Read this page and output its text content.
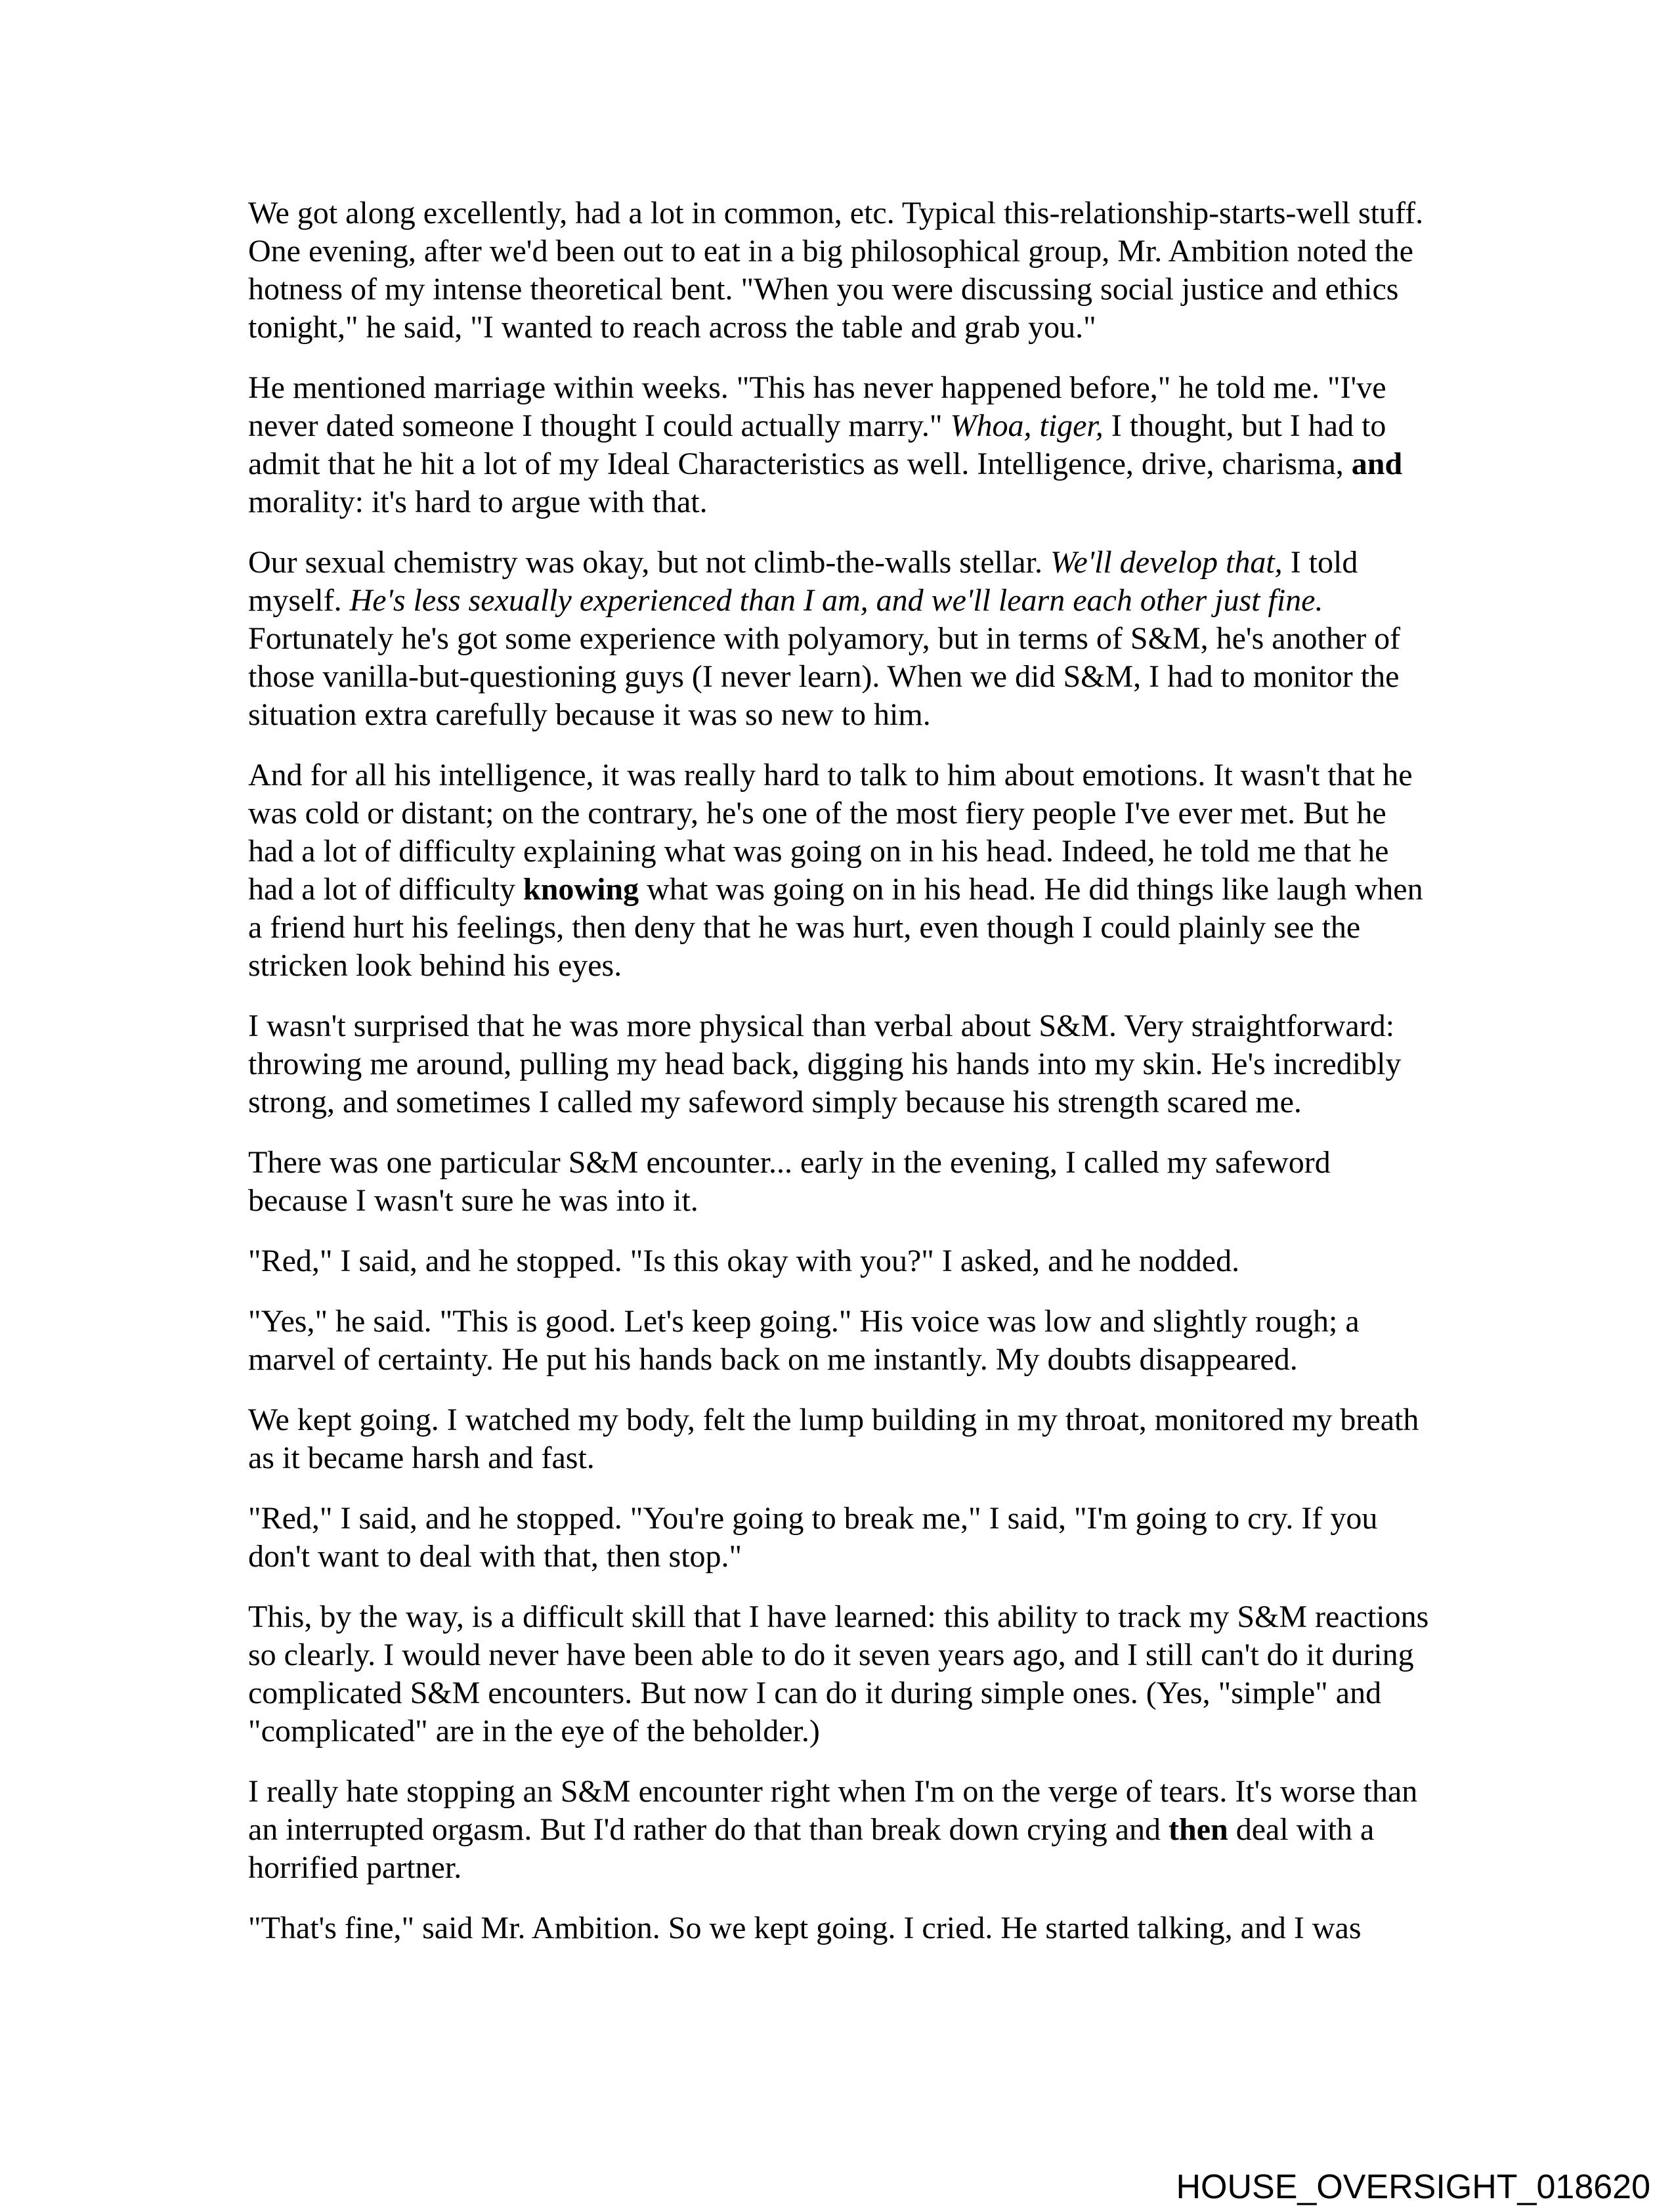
We got along excellently, had a lot in common, etc. Typical this-relationship-starts-well stuff. One evening, after we'd been out to eat in a big philosophical group, Mr. Ambition noted the hotness of my intense theoretical bent. "When you were discussing social justice and ethics tonight," he said, "I wanted to reach across the table and grab you."

He mentioned marriage within weeks. "This has never happened before," he told me. "I've never dated someone I thought I could actually marry." Whoa, tiger, I thought, but I had to admit that he hit a lot of my Ideal Characteristics as well. Intelligence, drive, charisma, and morality: it's hard to argue with that.

Our sexual chemistry was okay, but not climb-the-walls stellar. We'll develop that, I told myself. He's less sexually experienced than I am, and we'll learn each other just fine. Fortunately he's got some experience with polyamory, but in terms of S&M, he's another of those vanilla-but-questioning guys (I never learn). When we did S&M, I had to monitor the situation extra carefully because it was so new to him.

And for all his intelligence, it was really hard to talk to him about emotions. It wasn't that he was cold or distant; on the contrary, he's one of the most fiery people I've ever met. But he had a lot of difficulty explaining what was going on in his head. Indeed, he told me that he had a lot of difficulty knowing what was going on in his head. He did things like laugh when a friend hurt his feelings, then deny that he was hurt, even though I could plainly see the stricken look behind his eyes.

I wasn't surprised that he was more physical than verbal about S&M. Very straightforward: throwing me around, pulling my head back, digging his hands into my skin. He's incredibly strong, and sometimes I called my safeword simply because his strength scared me.

There was one particular S&M encounter... early in the evening, I called my safeword because I wasn't sure he was into it.

"Red," I said, and he stopped. "Is this okay with you?" I asked, and he nodded.

"Yes," he said. "This is good. Let's keep going." His voice was low and slightly rough; a marvel of certainty. He put his hands back on me instantly. My doubts disappeared.

We kept going. I watched my body, felt the lump building in my throat, monitored my breath as it became harsh and fast.

"Red," I said, and he stopped. "You're going to break me," I said, "I'm going to cry. If you don't want to deal with that, then stop."

This, by the way, is a difficult skill that I have learned: this ability to track my S&M reactions so clearly. I would never have been able to do it seven years ago, and I still can't do it during complicated S&M encounters. But now I can do it during simple ones. (Yes, "simple" and "complicated" are in the eye of the beholder.)

I really hate stopping an S&M encounter right when I'm on the verge of tears. It's worse than an interrupted orgasm. But I'd rather do that than break down crying and then deal with a horrified partner.

"That's fine," said Mr. Ambition. So we kept going. I cried. He started talking, and I was

HOUSE_OVERSIGHT_018620
